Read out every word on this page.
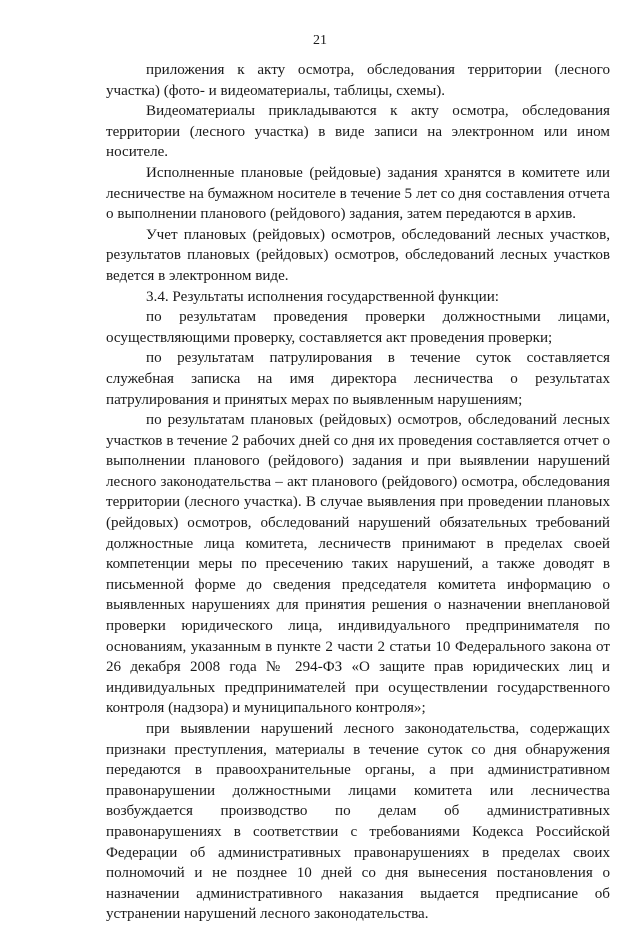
21

приложения к акту осмотра, обследования территории (лесного участка) (фото- и видеоматериалы, таблицы, схемы).

Видеоматериалы прикладываются к акту осмотра, обследования территории (лесного участка) в виде записи на электронном или ином носителе.

Исполненные плановые (рейдовые) задания хранятся в комитете или лесничестве на бумажном носителе в течение 5 лет со дня составления отчета о выполнении планового (рейдового) задания, затем передаются в архив.

Учет плановых (рейдовых) осмотров, обследований лесных участков, результатов плановых (рейдовых) осмотров, обследований лесных участков ведется в электронном виде.

3.4. Результаты исполнения государственной функции:

по результатам проведения проверки должностными лицами, осуществляющими проверку, составляется акт проведения проверки;

по результатам патрулирования в течение суток составляется служебная записка на имя директора лесничества о результатах патрулирования и принятых мерах по выявленным нарушениям;

по результатам плановых (рейдовых) осмотров, обследований лесных участков в течение 2 рабочих дней со дня их проведения составляется отчет о выполнении планового (рейдового) задания и при выявлении нарушений лесного законодательства – акт планового (рейдового) осмотра, обследования территории (лесного участка). В случае выявления при проведении плановых (рейдовых) осмотров, обследований нарушений обязательных требований должностные лица комитета, лесничеств принимают в пределах своей компетенции меры по пресечению таких нарушений, а также доводят в письменной форме до сведения председателя комитета информацию о выявленных нарушениях для принятия решения о назначении внеплановой проверки юридического лица, индивидуального предпринимателя по основаниям, указанным в пункте 2 части 2 статьи 10 Федерального закона от 26 декабря 2008 года № 294-ФЗ «О защите прав юридических лиц и индивидуальных предпринимателей при осуществлении государственного контроля (надзора) и муниципального контроля»;

при выявлении нарушений лесного законодательства, содержащих признаки преступления, материалы в течение суток со дня обнаружения передаются в правоохранительные органы, а при административном правонарушении должностными лицами комитета или лесничества возбуждается производство по делам об административных правонарушениях в соответствии с требованиями Кодекса Российской Федерации об административных правонарушениях в пределах своих полномочий и не позднее 10 дней со дня вынесения постановления о назначении административного наказания выдается предписание об устранении нарушений лесного законодательства.
